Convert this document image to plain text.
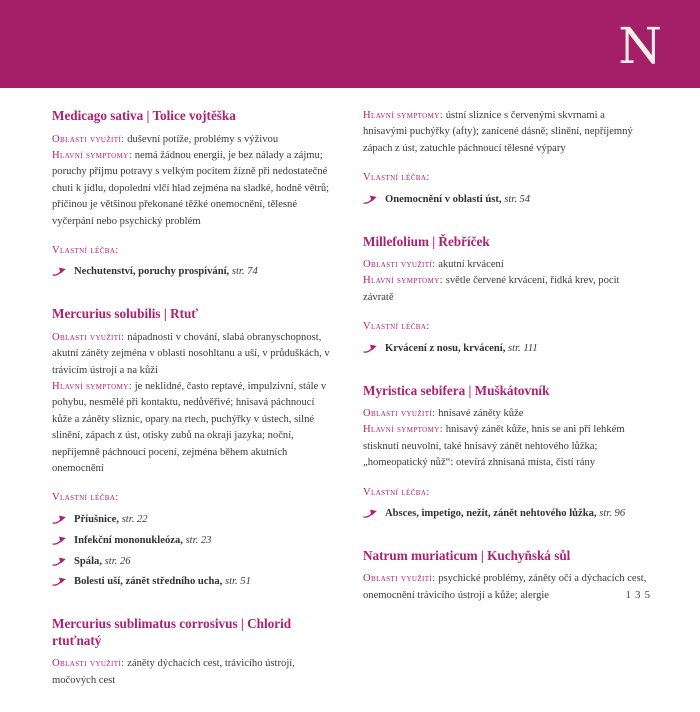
N
Medicago sativa | Tolice vojtěška

Oblasti využití: duševní potíže, problémy s výživou

Hlavní symptomy: nemá žádnou energii, je bez nálady a zájmu; poruchy příjmu potravy s velkým pocitem žízně při nedostatečné chuti k jídlu, dopolední vlčí hlad zejména na sladké, hodně větrů; příčinou je většinou překonané těžké onemocnění, tělesné vyčerpání nebo psychický problém

Vlastní léčba:

Nechutenství, poruchy prospívání, str. 74
Mercurius solubilis | Rtuť

Oblasti využití: nápadnosti v chování, slabá obranyschopnost, akutní záněty zejména v oblasti nosohltanu a uší, v průduškách, v trávicím ústrojí a na kůži

Hlavní symptomy: je neklidné, často reptavé, impulzivní, stále v pohybu, nesmělé při kontaktu, nedůvěřivé; hnisavá páchnoucí kůže a záněty sliznic, opary na rtech, puchýřky v ústech, silné slinění, zápach z úst, otisky zubů na okraji jazyka; noční, nepříjemně páchnoucí pocení, zejména během akutních onemocnění

Vlastní léčba:

Příušnice, str. 22
Infekční mononukleóza, str. 23
Spála, str. 26
Bolesti uší, zánět středního ucha, str. 51
Mercurius sublimatus corrosivus | Chlorid rtuťnatý

Oblasti využití: záněty dýchacích cest, trávicího ústrojí, močových cest

Hlavní symptomy: ústní sliznice s červenými skvrnami a hnisavými puchýřky (afty); zanícené dásně; slinění, nepříjemný zápach z úst, zatuchle páchnoucí tělesné výpary

Vlastní léčba:

Onemocnění v oblasti úst, str. 54
Millefolium | Řebříček

Oblasti využití: akutní krvácení

Hlavní symptomy: světle červené krvácení, řídká krev, pocit závratě

Vlastní léčba:

Krvácení z nosu, krvácení, str. 111
Myristica sebifera | Muškátovník

Oblasti využití: hnisavé záněty kůže

Hlavní symptomy: hnisavý zánět kůže, hnis se ani při lehkém stisknutí neuvolní, také hnisavý zánět nehtového lůžka; „homeopatický nůž“: otevírá zhnisaná místa, čistí rány

Vlastní léčba:

Absces, impetigo, nežit, zánět nehtového lůžka, str. 96
Natrum muriaticum | Kuchyňská sůl

Oblasti využití: psychické problémy, záněty očí a dýchacích cest, onemocnění trávicího ústrojí a kůže; alergie	135
